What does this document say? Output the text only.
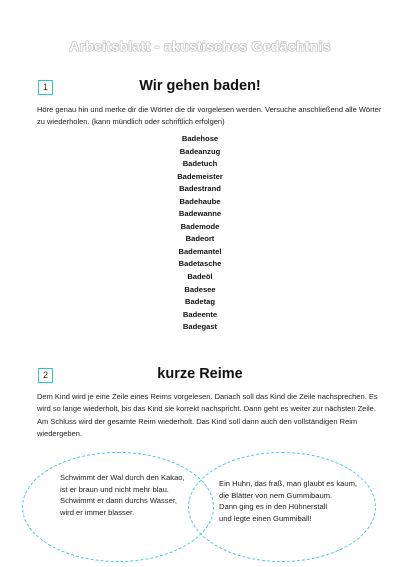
Arbeitsblatt - akustisches Gedächtnis
1	Wir gehen baden!
Höre genau hin und merke dir die Wörter die dir vorgelesen werden. Versuche anschließend alle Wörter zu wiederholen. (kann mündlich oder schriftlich erfolgen)
Badehose
Badeanzug
Badetuch
Bademeister
Badestrand
Badehaube
Badewanne
Bademode
Badeort
Bademantel
Badetasche
Badeöl
Badesee
Badetag
Badeente
Badegast
2	kurze Reime
Dem Kind wird je eine Zeile eines Reims vorgelesen. Danach soll das Kind die Zeile nachsprechen. Es wird so lange wiederholt, bis das Kind sie korrekt nachspricht. Dann geht es weiter zur nächsten Zeile. Am Schluss wird der gesamte Reim wiederholt. Das Kind soll dann auch den vollständigen Reim wiedergeben.
Schwimmt der Wal durch den Kakao,
ist er braun und nicht mehr blau.
Schwimmt er dann durchs Wasser,
wird er immer blasser.
Ein Huhn, das fraß, man glaubt es kaum,
die Blätter von nem Gummibaum.
Dann ging es in den Hühnerstall
und legte einen Gummiball!
